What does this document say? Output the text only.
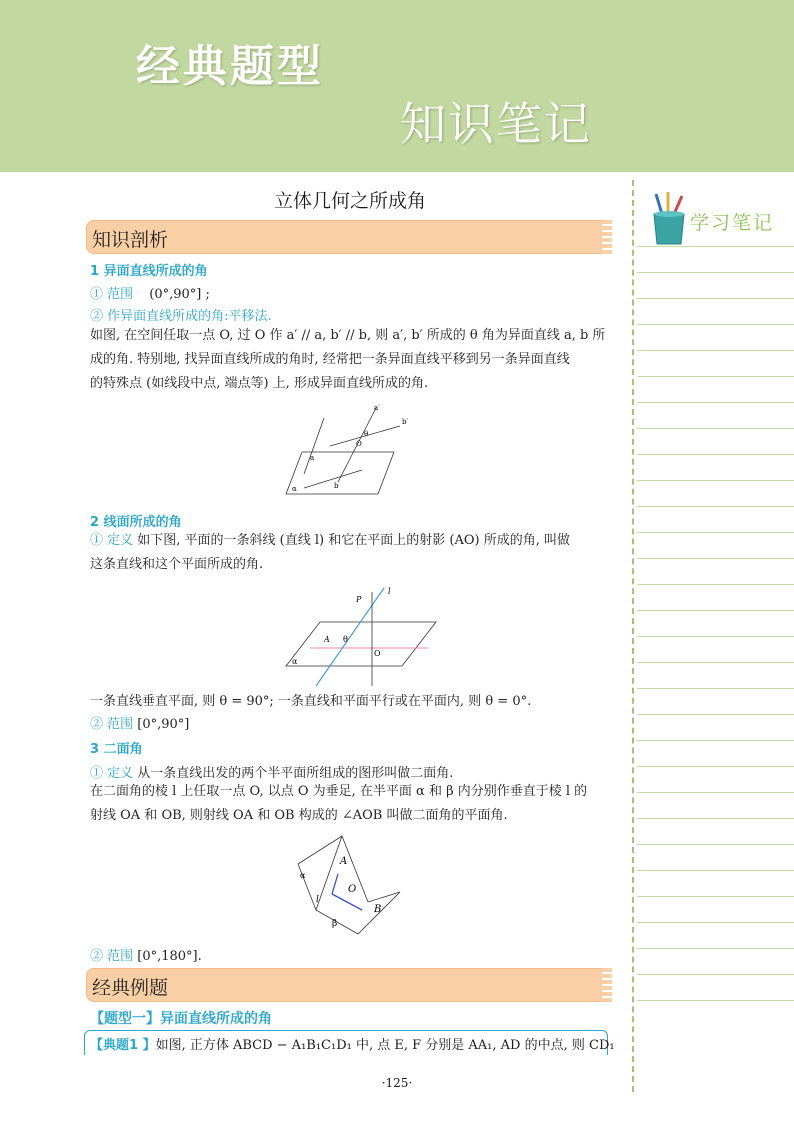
经典题型
知识笔记
立体几何之所成角
知识剖析
1 异面直线所成的角
① 范围 (0°,90°] ;
② 作异面直线所成的角:平移法.
如图, 在空间任取一点 O, 过 O 作 a′ // a, b′ // b, 则 a′, b′ 所成的 θ 角为异面直线 a, b 所
成的角. 特别地, 找异面直线所成的角时, 经常把一条异面直线平移到另一条异面直线
的特殊点 (如线段中点, 端点等) 上, 形成异面直线所成的角.
a′
b′
θ
O
a
α	b
2 线面所成的角
① 定义 如下图, 平面的一条斜线 (直线 l) 和它在平面上的射影 (AO) 所成的角, 叫做
这条直线和这个平面所成的角.
P
l
A θ
O
α
一条直线垂直平面, 则 θ = 90°; 一条直线和平面平行或在平面内, 则 θ = 0°.
② 范围 [0°,90°]
3 二面角
① 定义 从一条直线出发的两个半平面所组成的图形叫做二面角.
在二面角的棱 l 上任取一点 O, 以点 O 为垂足, 在半平面 α 和 β 内分别作垂直于棱 l 的
射线 OA 和 OB, 则射线 OA 和 OB 构成的 ∠AOB 叫做二面角的平面角.
A
α
l
O
B
β
② 范围 [0°,180°].
经典例题
【题型一】异面直线所成的角
【典题1 】如图, 正方体 ABCD − A₁B₁C₁D₁ 中, 点 E, F 分别是 AA₁, AD 的中点, 则 CD₁
·125·
学习笔记
